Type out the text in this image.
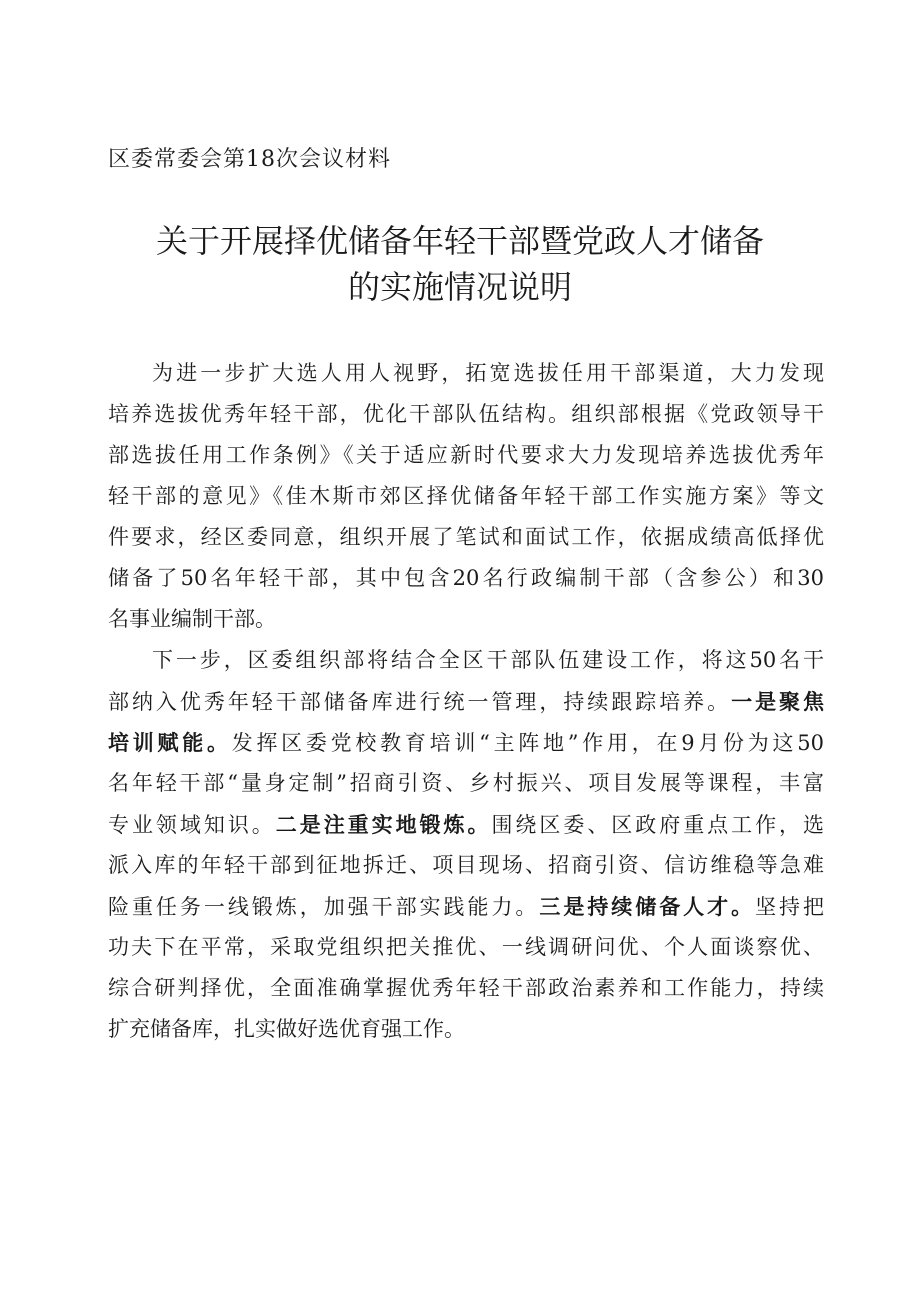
区委常委会第18次会议材料
关于开展择优储备年轻干部暨党政人才储备
的实施情况说明
为进一步扩大选人用人视野，拓宽选拔任用干部渠道，大力发现
培养选拔优秀年轻干部，优化干部队伍结构。组织部根据《党政领导干
部选拔任用工作条例》《关于适应新时代要求大力发现培养选拔优秀年
轻干部的意见》《佳木斯市郊区择优储备年轻干部工作实施方案》等文
件要求，经区委同意，组织开展了笔试和面试工作，依据成绩高低择优
储备了50名年轻干部，其中包含20名行政编制干部（含参公）和30
名事业编制干部。
下一步，区委组织部将结合全区干部队伍建设工作，将这50名干
部纳入优秀年轻干部储备库进行统一管理，持续跟踪培养。一是聚焦
培训赋能。发挥区委党校教育培训“主阵地”作用，在9月份为这50
名年轻干部“量身定制”招商引资、乡村振兴、项目发展等课程，丰富
专业领域知识。二是注重实地锻炼。围绕区委、区政府重点工作，选
派入库的年轻干部到征地拆迁、项目现场、招商引资、信访维稳等急难
险重任务一线锻炼，加强干部实践能力。三是持续储备人才。坚持把
功夫下在平常，采取党组织把关推优、一线调研问优、个人面谈察优、
综合研判择优，全面准确掌握优秀年轻干部政治素养和工作能力，持续
扩充储备库，扎实做好选优育强工作。
